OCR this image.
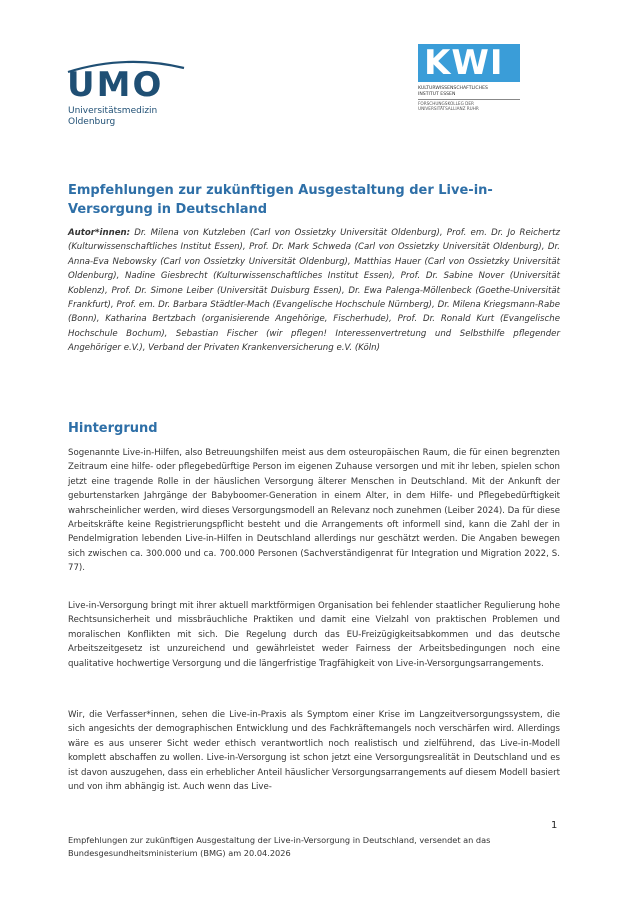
UMO
Universitätsmedizin
Oldenburg
KWI
KULTURWISSENSCHAFTLICHES
INSTITUT ESSEN
FORSCHUNGSKOLLEG DER
UNIVERSITÄTSALLIANZ RUHR
Empfehlungen zur zukünftigen Ausgestaltung der Live-in-Versorgung in Deutschland
Autor*innen: Dr. Milena von Kutzleben (Carl von Ossietzky Universität Oldenburg), Prof. em. Dr. Jo Reichertz (Kulturwissenschaftliches Institut Essen), Prof. Dr. Mark Schweda (Carl von Ossietzky Universität Oldenburg), Dr. Anna-Eva Nebowsky (Carl von Ossietzky Universität Oldenburg), Matthias Hauer (Carl von Ossietzky Universität Oldenburg), Nadine Giesbrecht (Kulturwissenschaftliches Institut Essen), Prof. Dr. Sabine Nover (Universität Koblenz), Prof. Dr. Simone Leiber (Universität Duisburg Essen), Dr. Ewa Palenga-Möllenbeck (Goethe-Universität Frankfurt), Prof. em. Dr. Barbara Städtler-Mach (Evangelische Hochschule Nürnberg), Dr. Milena Kriegsmann-Rabe (Bonn), Katharina Bertzbach (organisierende Angehörige, Fischerhude), Prof. Dr. Ronald Kurt (Evangelische Hochschule Bochum), Sebastian Fischer (wir pflegen! Interessenvertretung und Selbsthilfe pflegender Angehöriger e.V.), Verband der Privaten Krankenversicherung e.V. (Köln)
Hintergrund
Sogenannte Live-in-Hilfen, also Betreuungshilfen meist aus dem osteuropäischen Raum, die für einen begrenzten Zeitraum eine hilfe- oder pflegebedürftige Person im eigenen Zuhause versorgen und mit ihr leben, spielen schon jetzt eine tragende Rolle in der häuslichen Versorgung älterer Menschen in Deutschland. Mit der Ankunft der geburtenstarken Jahrgänge der Babyboomer-Generation in einem Alter, in dem Hilfe- und Pflegebedürftigkeit wahrscheinlicher werden, wird dieses Versorgungsmodell an Relevanz noch zunehmen (Leiber 2024). Da für diese Arbeitskräfte keine Registrierungspflicht besteht und die Arrangements oft informell sind, kann die Zahl der in Pendelmigration lebenden Live-in-Hilfen in Deutschland allerdings nur geschätzt werden. Die Angaben bewegen sich zwischen ca. 300.000 und ca. 700.000 Personen (Sachverständigenrat für Integration und Migration 2022, S. 77).
Live-in-Versorgung bringt mit ihrer aktuell marktförmigen Organisation bei fehlender staatlicher Regulierung hohe Rechtsunsicherheit und missbräuchliche Praktiken und damit eine Vielzahl von praktischen Problemen und moralischen Konflikten mit sich. Die Regelung durch das EU-Freizügigkeitsabkommen und das deutsche Arbeitszeitgesetz ist unzureichend und gewährleistet weder Fairness der Arbeitsbedingungen noch eine qualitative hochwertige Versorgung und die längerfristige Tragfähigkeit von Live-in-Versorgungsarrangements.
Wir, die Verfasser*innen, sehen die Live-in-Praxis als Symptom einer Krise im Langzeitversorgungssystem, die sich angesichts der demographischen Entwicklung und des Fachkräftemangels noch verschärfen wird. Allerdings wäre es aus unserer Sicht weder ethisch verantwortlich noch realistisch und zielführend, das Live-in-Modell komplett abschaffen zu wollen. Live-in-Versorgung ist schon jetzt eine Versorgungsrealität in Deutschland und es ist davon auszugehen, dass ein erheblicher Anteil häuslicher Versorgungsarrangements auf diesem Modell basiert und von ihm abhängig ist. Auch wenn das Live-
1
Empfehlungen zur zukünftigen Ausgestaltung der Live-in-Versorgung in Deutschland, versendet an das Bundesgesundheitsministerium (BMG) am 20.04.2026
